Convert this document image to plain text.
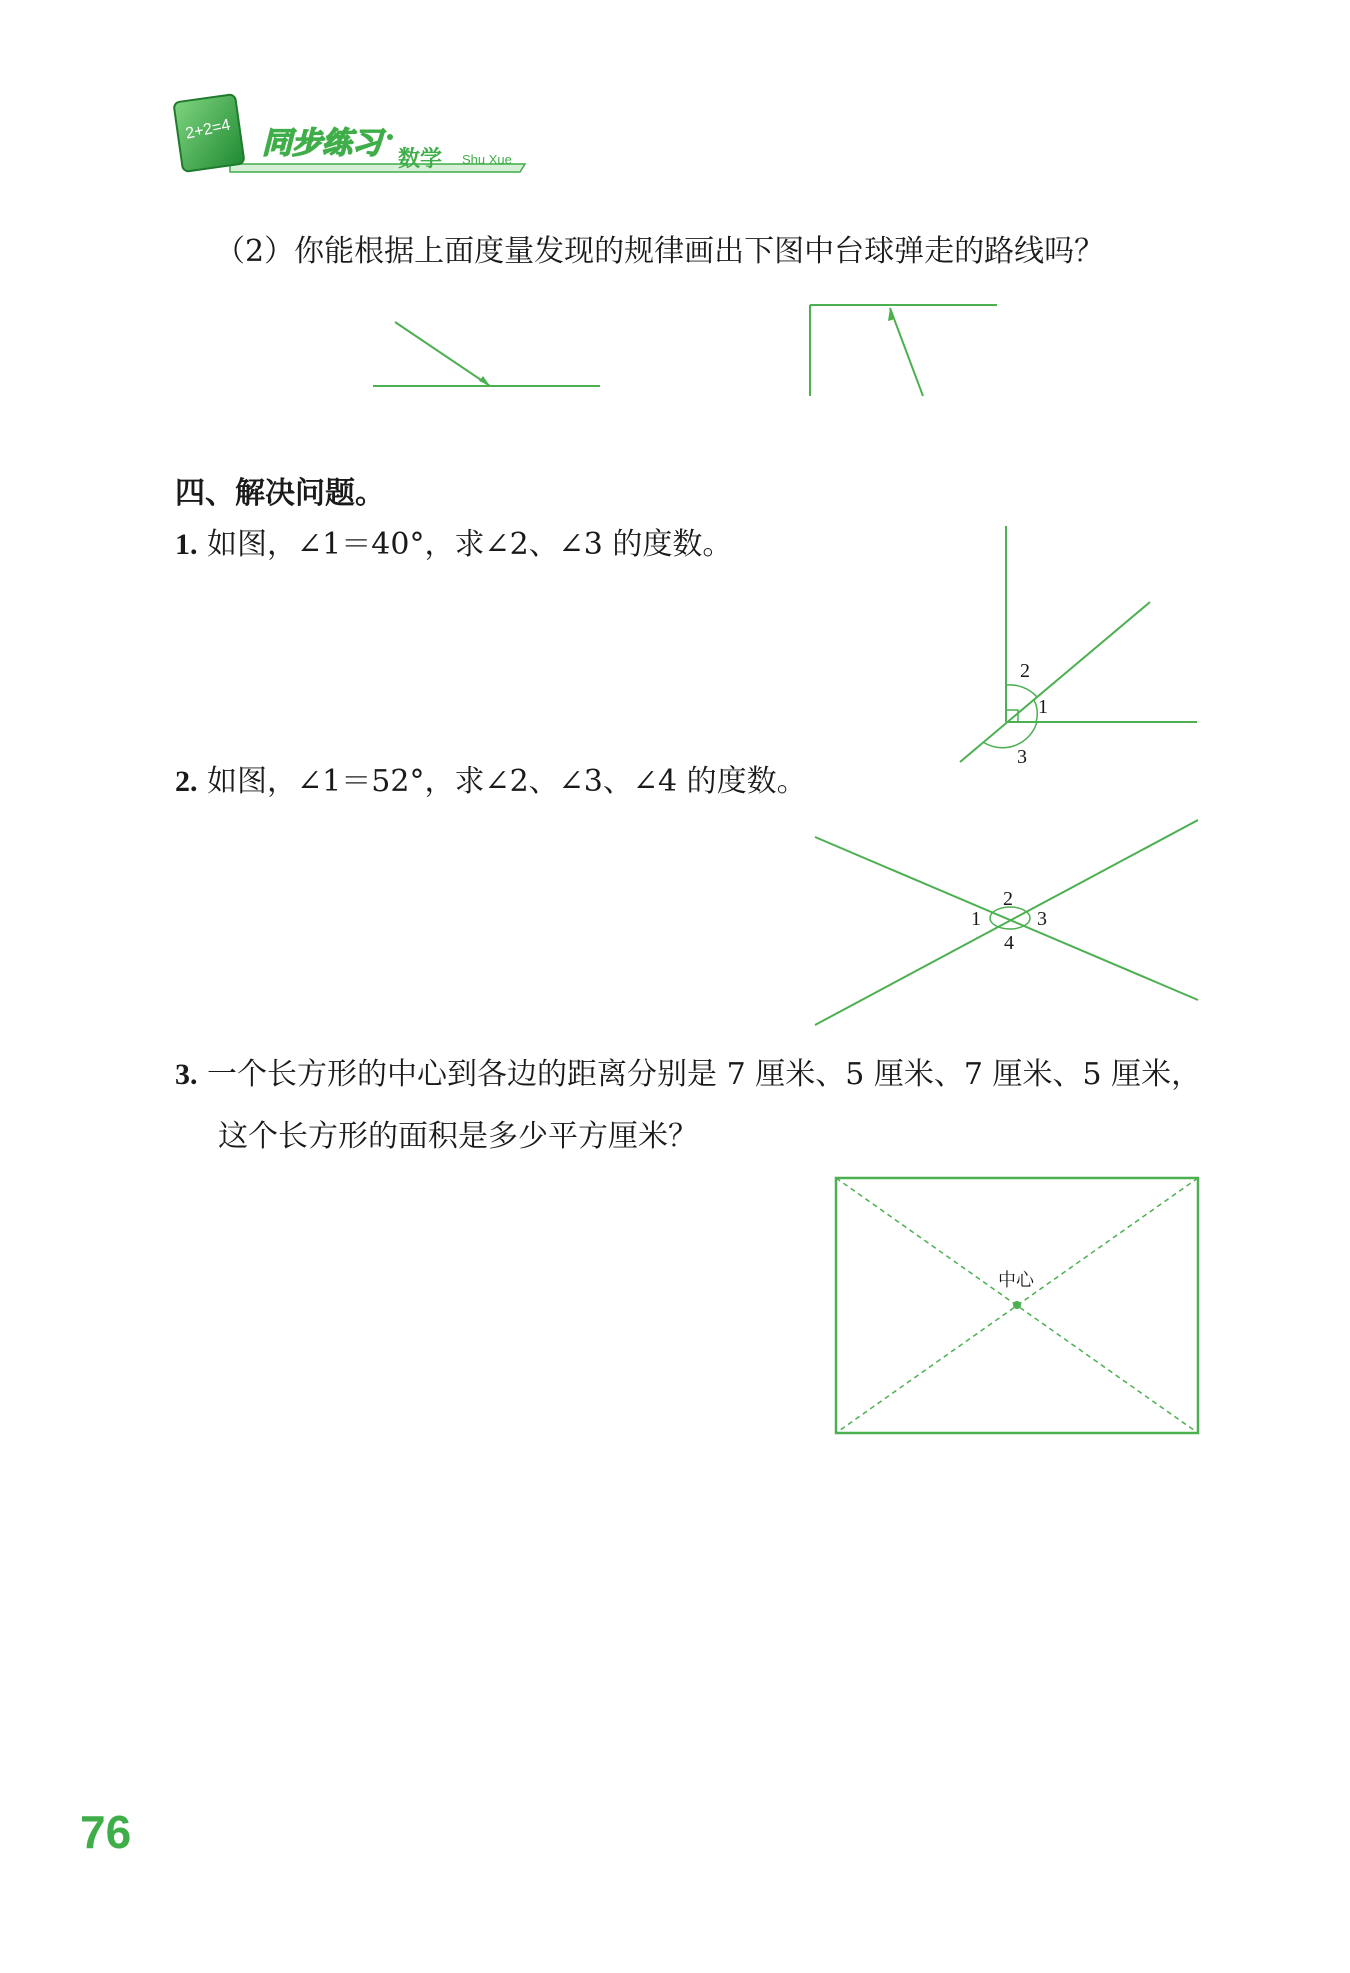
2+2=4 同步练习 数学 Shu Xue
（2）你能根据上面度量发现的规律画出下图中台球弹走的路线吗？
四、解决问题。
1. 如图，∠1＝40°，求∠2、∠3 的度数。
2
1
3
2. 如图，∠1＝52°，求∠2、∠3、∠4 的度数。
2
1	3
4
3. 一个长方形的中心到各边的距离分别是 7 厘米、5 厘米、7 厘米、5 厘米，
这个长方形的面积是多少平方厘米？
中心
76
